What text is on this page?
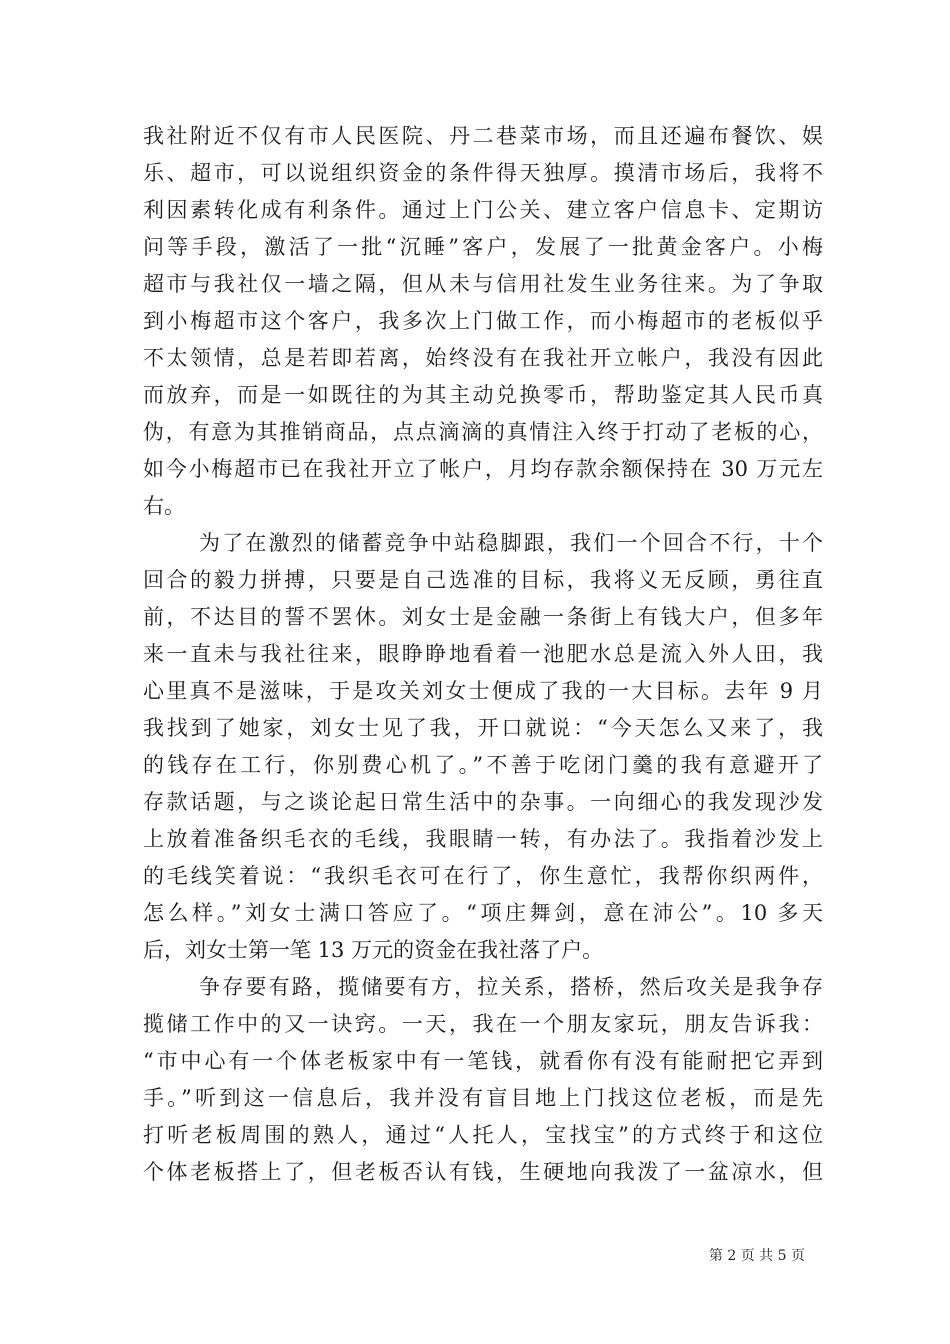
我社附近不仅有市人民医院、丹二巷菜市场，而且还遍布餐饮、娱
乐、超市，可以说组织资金的条件得天独厚。摸清市场后，我将不
利因素转化成有利条件。通过上门公关、建立客户信息卡、定期访
问等手段，激活了一批“沉睡”客户，发展了一批黄金客户。小梅
超市与我社仅一墙之隔，但从未与信用社发生业务往来。为了争取
到小梅超市这个客户，我多次上门做工作，而小梅超市的老板似乎
不太领情，总是若即若离，始终没有在我社开立帐户，我没有因此
而放弃，而是一如既往的为其主动兑换零币，帮助鉴定其人民币真
伪，有意为其推销商品，点点滴滴的真情注入终于打动了老板的心，
如今小梅超市已在我社开立了帐户，月均存款余额保持在 30 万元左
右。
为了在激烈的储蓄竞争中站稳脚跟，我们一个回合不行，十个
回合的毅力拼搏，只要是自己选准的目标，我将义无反顾，勇往直
前，不达目的誓不罢休。刘女士是金融一条街上有钱大户，但多年
来一直未与我社往来，眼睁睁地看着一池肥水总是流入外人田，我
心里真不是滋味，于是攻关刘女士便成了我的一大目标。去年 9 月
我找到了她家，刘女士见了我，开口就说：“今天怎么又来了，我
的钱存在工行，你别费心机了。”不善于吃闭门羹的我有意避开了
存款话题，与之谈论起日常生活中的杂事。一向细心的我发现沙发
上放着准备织毛衣的毛线，我眼睛一转，有办法了。我指着沙发上
的毛线笑着说：“我织毛衣可在行了，你生意忙，我帮你织两件，
怎么样。”刘女士满口答应了。“项庄舞剑，意在沛公”。10 多天
后，刘女士第一笔 13 万元的资金在我社落了户。
争存要有路，揽储要有方，拉关系，搭桥，然后攻关是我争存
揽储工作中的又一诀窍。一天，我在一个朋友家玩，朋友告诉我：
“市中心有一个体老板家中有一笔钱，就看你有没有能耐把它弄到
手。”听到这一信息后，我并没有盲目地上门找这位老板，而是先
打听老板周围的熟人，通过“人托人，宝找宝”的方式终于和这位
个体老板搭上了，但老板否认有钱，生硬地向我泼了一盆凉水，但
第 2 页 共 5 页
